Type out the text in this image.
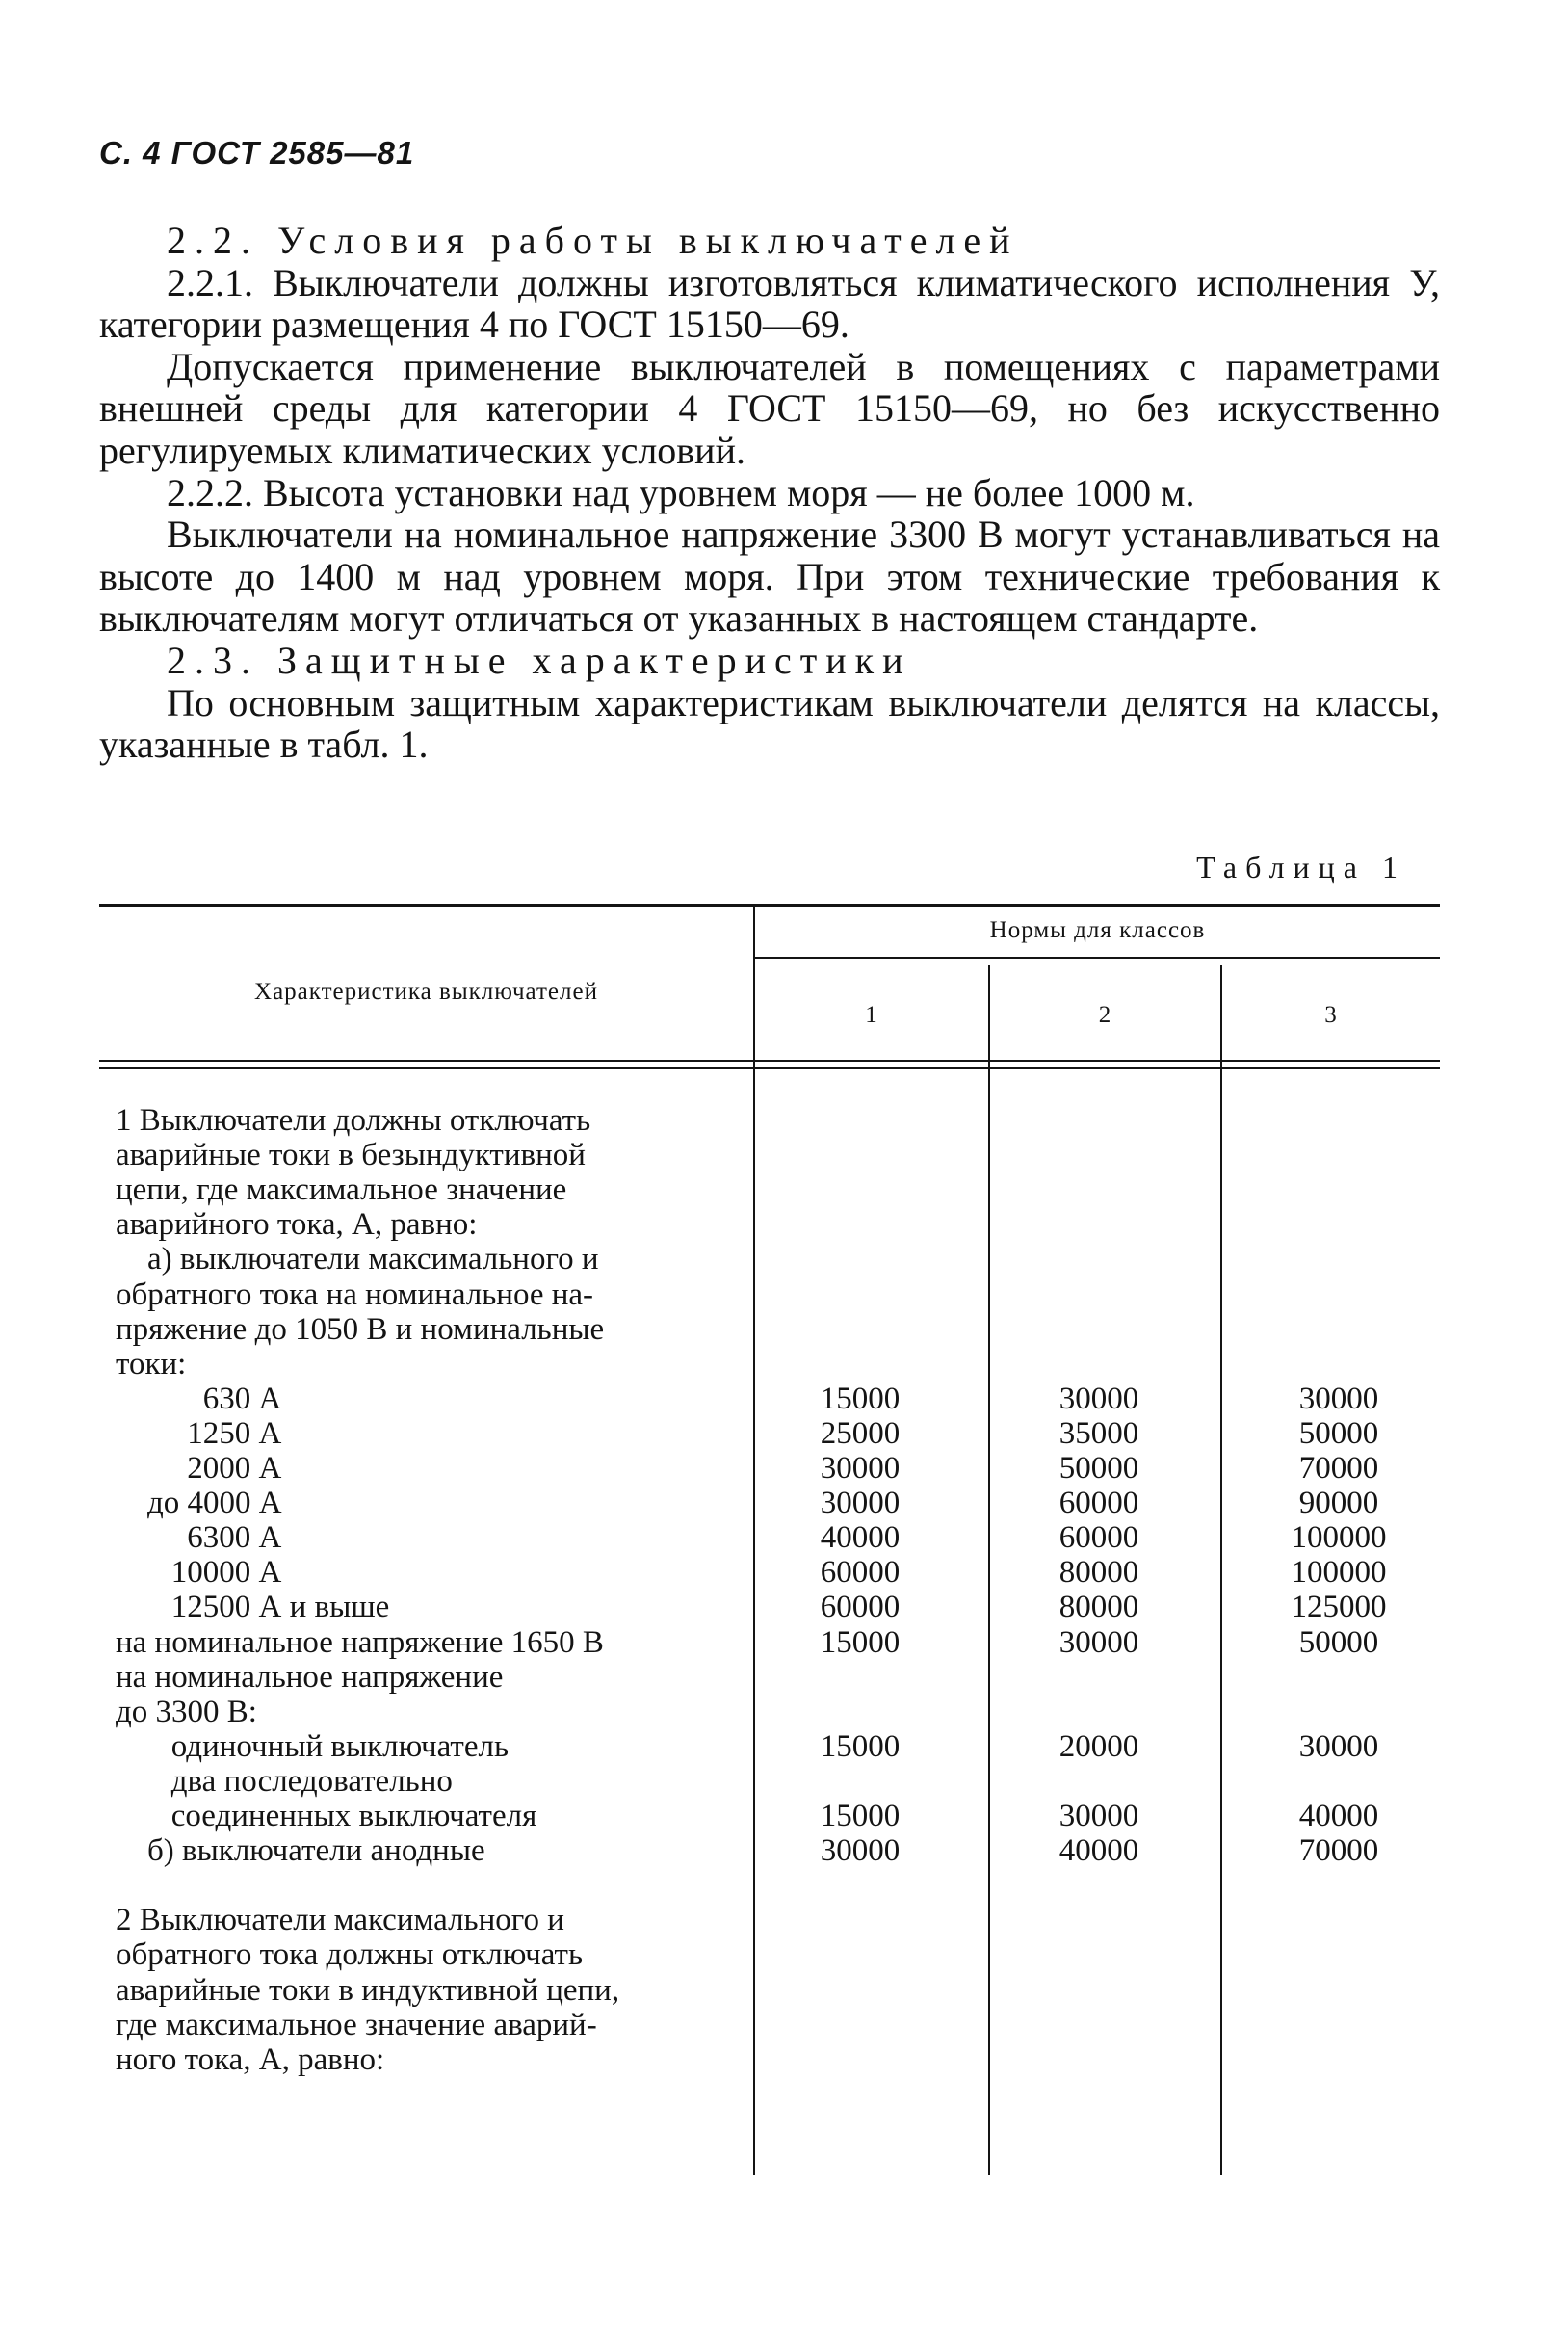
С. 4 ГОСТ 2585—81

2.2. Условия работы выключателей

2.2.1. Выключатели должны изготовляться климатического исполнения У, категории размещения 4 по ГОСТ 15150—69.

Допускается применение выключателей в помещениях с параметрами внешней среды для категории 4 ГОСТ 15150—69, но без искусственно регулируемых климатических условий.

2.2.2. Высота установки над уровнем моря — не более 1000 м.

Выключатели на номинальное напряжение 3300 В могут устанавливаться на высоте до 1400 м над уровнем моря. При этом технические требования к выключателям могут отличаться от указанных в настоящем стандарте.

2.3. Защитные характеристики

По основным защитным характеристикам выключатели делятся на классы, указанные в табл. 1.

Таблица 1
Характеристика выключателей
Нормы для классов
1	2	3
1 Выключатели должны отключать
аварийные токи в безындуктивной
цепи, где максимальное значение
аварийного тока, А, равно:
а) выключатели максимального и
обратного тока на номинальное на-
пряжение до 1050 В и номинальные
токи:
630 А	15000	30000	30000
1250 А	25000	35000	50000
2000 А	30000	50000	70000
до 4000 А	30000	60000	90000
6300 А	40000	60000	100000
10000 А	60000	80000	100000
12500 А и выше	60000	80000	125000
на номинальное напряжение 1650 В	15000	30000	50000
на номинальное напряжение
до 3300 В:
одиночный выключатель	15000	20000	30000
два последовательно
соединенных выключателя	15000	30000	40000
б) выключатели анодные	30000	40000	70000
2 Выключатели максимального и
обратного тока должны отключать
аварийные токи в индуктивной цепи,
где максимальное значение аварий-
ного тока, А, равно:
